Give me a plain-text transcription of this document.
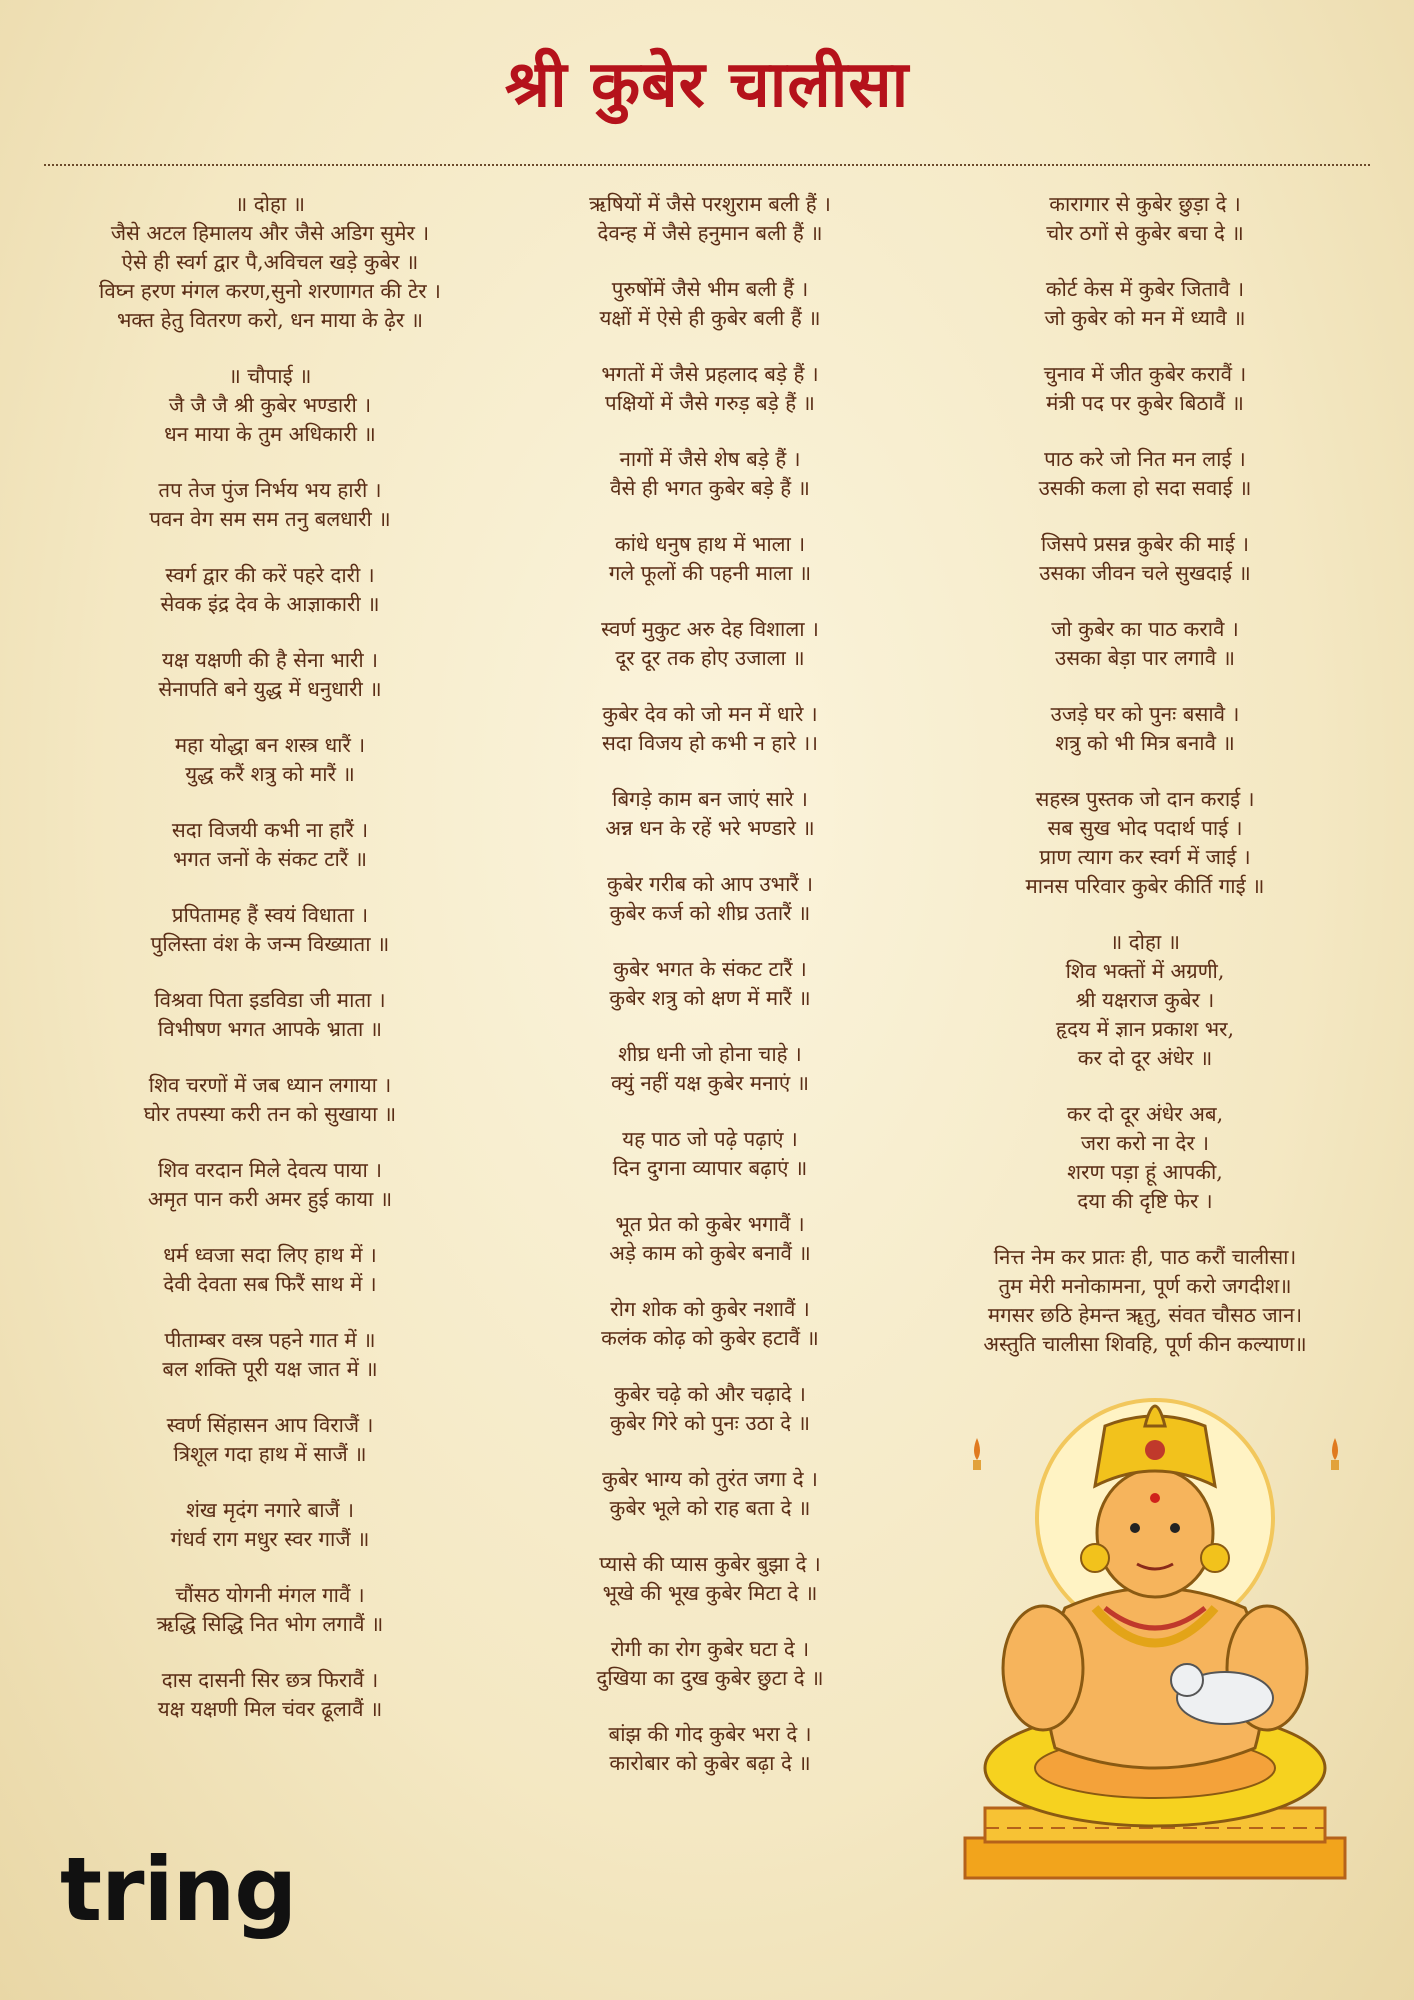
श्री कुबेर चालीसा
॥ दोहा ॥
जैसे अटल हिमालय और जैसे अडिग सुमेर ।
ऐसे ही स्वर्ग द्वार पै,अविचल खड़े कुबेर ॥
विघ्न हरण मंगल करण,सुनो शरणागत की टेर ।
भक्त हेतु वितरण करो, धन माया के ढ़ेर ॥
॥ चौपाई ॥
जै जै जै श्री कुबेर भण्डारी ।
धन माया के तुम अधिकारी ॥
तप तेज पुंज निर्भय भय हारी ।
पवन वेग सम सम तनु बलधारी ॥
स्वर्ग द्वार की करें पहरे दारी ।
सेवक इंद्र देव के आज्ञाकारी ॥
यक्ष यक्षणी की है सेना भारी ।
सेनापति बने युद्ध में धनुधारी ॥
महा योद्धा बन शस्त्र धारैं ।
युद्ध करैं शत्रु को मारैं ॥
सदा विजयी कभी ना हारैं ।
भगत जनों के संकट टारैं ॥
प्रपितामह हैं स्वयं विधाता ।
पुलिस्ता वंश के जन्म विख्याता ॥
विश्रवा पिता इडविडा जी माता ।
विभीषण भगत आपके भ्राता ॥
शिव चरणों में जब ध्यान लगाया ।
घोर तपस्या करी तन को सुखाया ॥
शिव वरदान मिले देवत्य पाया ।
अमृत पान करी अमर हुई काया ॥
धर्म ध्वजा सदा लिए हाथ में ।
देवी देवता सब फिरैं साथ में ।
पीताम्बर वस्त्र पहने गात में ॥
बल शक्ति पूरी यक्ष जात में ॥
स्वर्ण सिंहासन आप विराजैं ।
त्रिशूल गदा हाथ में साजैं ॥
शंख मृदंग नगारे बाजैं ।
गंधर्व राग मधुर स्वर गाजैं ॥
चौंसठ योगनी मंगल गावैं ।
ऋद्धि सिद्धि नित भोग लगावैं ॥
दास दासनी सिर छत्र फिरावैं ।
यक्ष यक्षणी मिल चंवर ढूलावैं ॥
ऋषियों में जैसे परशुराम बली हैं ।
देवन्ह में जैसे हनुमान बली हैं ॥
पुरुषोंमें जैसे भीम बली हैं ।
यक्षों में ऐसे ही कुबेर बली हैं ॥
भगतों में जैसे प्रहलाद बड़े हैं ।
पक्षियों में जैसे गरुड़ बड़े हैं ॥
नागों में जैसे शेष बड़े हैं ।
वैसे ही भगत कुबेर बड़े हैं ॥
कांधे धनुष हाथ में भाला ।
गले फूलों की पहनी माला ॥
स्वर्ण मुकुट अरु देह विशाला ।
दूर दूर तक होए उजाला ॥
कुबेर देव को जो मन में धारे ।
सदा विजय हो कभी न हारे ।।
बिगड़े काम बन जाएं सारे ।
अन्न धन के रहें भरे भण्डारे ॥
कुबेर गरीब को आप उभारैं ।
कुबेर कर्ज को शीघ्र उतारैं ॥
कुबेर भगत के संकट टारैं ।
कुबेर शत्रु को क्षण में मारैं ॥
शीघ्र धनी जो होना चाहे ।
क्युं नहीं यक्ष कुबेर मनाएं ॥
यह पाठ जो पढ़े पढ़ाएं ।
दिन दुगना व्यापार बढ़ाएं ॥
भूत प्रेत को कुबेर भगावैं ।
अड़े काम को कुबेर बनावैं ॥
रोग शोक को कुबेर नशावैं ।
कलंक कोढ़ को कुबेर हटावैं ॥
कुबेर चढ़े को और चढ़ादे ।
कुबेर गिरे को पुनः उठा दे ॥
कुबेर भाग्य को तुरंत जगा दे ।
कुबेर भूले को राह बता दे ॥
प्यासे की प्यास कुबेर बुझा दे ।
भूखे की भूख कुबेर मिटा दे ॥
रोगी का रोग कुबेर घटा दे ।
दुखिया का दुख कुबेर छुटा दे ॥
बांझ की गोद कुबेर भरा दे ।
कारोबार को कुबेर बढ़ा दे ॥
कारागार से कुबेर छुड़ा दे ।
चोर ठगों से कुबेर बचा दे ॥
कोर्ट केस में कुबेर जितावै ।
जो कुबेर को मन में ध्यावै ॥
चुनाव में जीत कुबेर करावैं ।
मंत्री पद पर कुबेर बिठावैं ॥
पाठ करे जो नित मन लाई ।
उसकी कला हो सदा सवाई ॥
जिसपे प्रसन्न कुबेर की माई ।
उसका जीवन चले सुखदाई ॥
जो कुबेर का पाठ करावै ।
उसका बेड़ा पार लगावै ॥
उजड़े घर को पुनः बसावै ।
शत्रु को भी मित्र बनावै ॥
सहस्त्र पुस्तक जो दान कराई ।
सब सुख भोद पदार्थ पाई ।
प्राण त्याग कर स्वर्ग में जाई ।
मानस परिवार कुबेर कीर्ति गाई ॥
॥ दोहा ॥
शिव भक्तों में अग्रणी,
श्री यक्षराज कुबेर ।
हृदय में ज्ञान प्रकाश भर,
कर दो दूर अंधेर ॥
कर दो दूर अंधेर अब,
जरा करो ना देर ।
शरण पड़ा हूं आपकी,
दया की दृष्टि फेर ।
नित्त नेम कर प्रातः ही, पाठ करौं चालीसा।
तुम मेरी मनोकामना, पूर्ण करो जगदीश॥
मगसर छठि हेमन्त ॠतु, संवत चौसठ जान।
अस्तुति चालीसा शिवहि, पूर्ण कीन कल्याण॥
tring
